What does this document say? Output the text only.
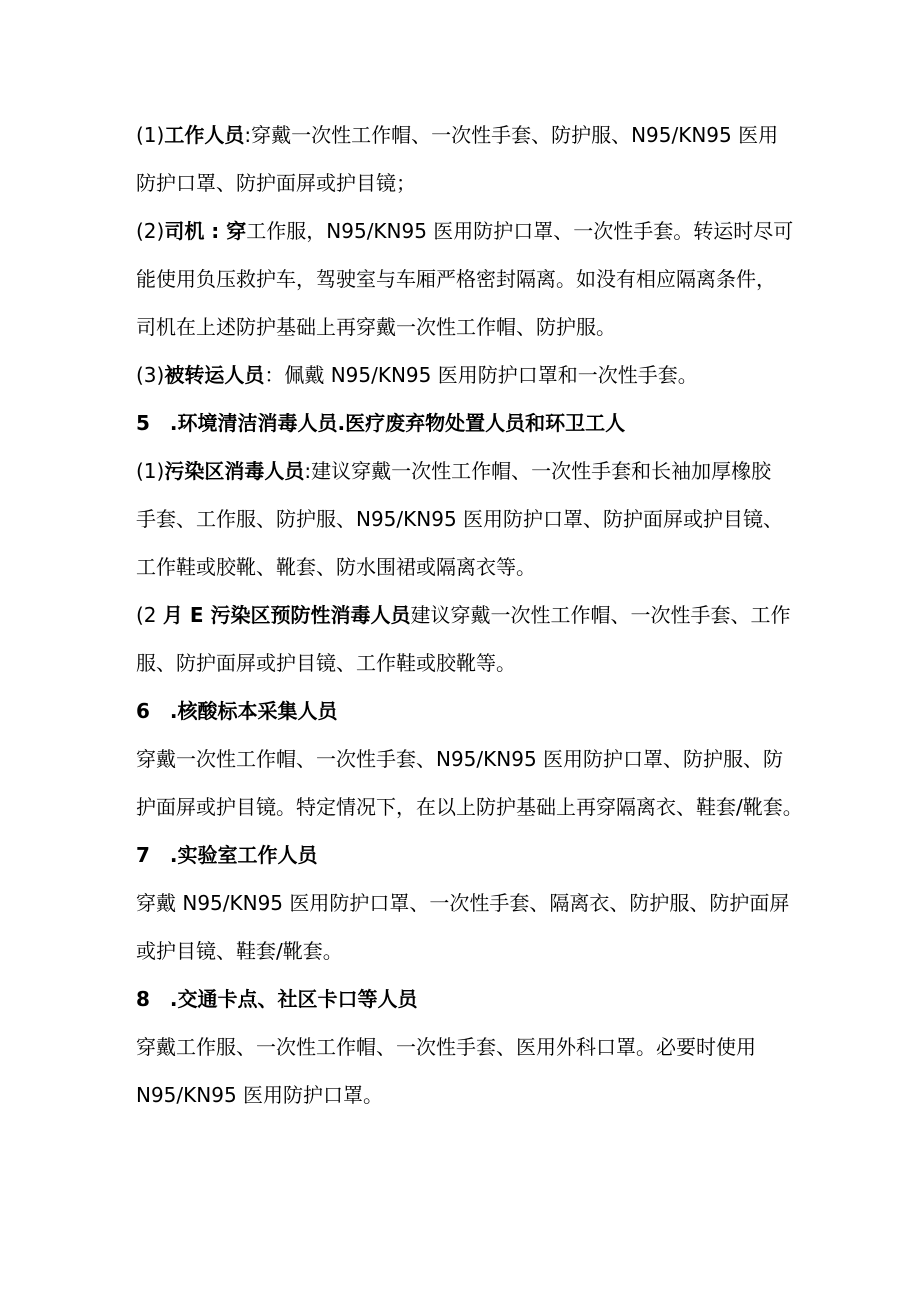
(1)工作人员:穿戴一次性工作帽、一次性手套、防护服、N95/KN95 医用
防护口罩、防护面屏或护目镜；
(2)司机 : 穿工作服，N95/KN95 医用防护口罩、一次性手套。转运时尽可
能使用负压救护车，驾驶室与车厢严格密封隔离。如没有相应隔离条件，
司机在上述防护基础上再穿戴一次性工作帽、防护服。
(3)被转运人员：佩戴 N95/KN95 医用防护口罩和一次性手套。
5　.环境清洁消毒人员.医疗废弃物处置人员和环卫工人
(1)污染区消毒人员:建议穿戴一次性工作帽、一次性手套和长袖加厚橡胶
手套、工作服、防护服、N95/KN95 医用防护口罩、防护面屏或护目镜、
工作鞋或胶靴、靴套、防水围裙或隔离衣等。
(2 月 E 污染区预防性消毒人员建议穿戴一次性工作帽、一次性手套、工作
服、防护面屏或护目镜、工作鞋或胶靴等。
6　.核酸标本采集人员
穿戴一次性工作帽、一次性手套、N95/KN95 医用防护口罩、防护服、防
护面屏或护目镜。特定情况下，在以上防护基础上再穿隔离衣、鞋套/靴套。
7　.实验室工作人员
穿戴 N95/KN95 医用防护口罩、一次性手套、隔离衣、防护服、防护面屏
或护目镜、鞋套/靴套。
8　.交通卡点、社区卡口等人员
穿戴工作服、一次性工作帽、一次性手套、医用外科口罩。必要时使用
N95/KN95 医用防护口罩。
